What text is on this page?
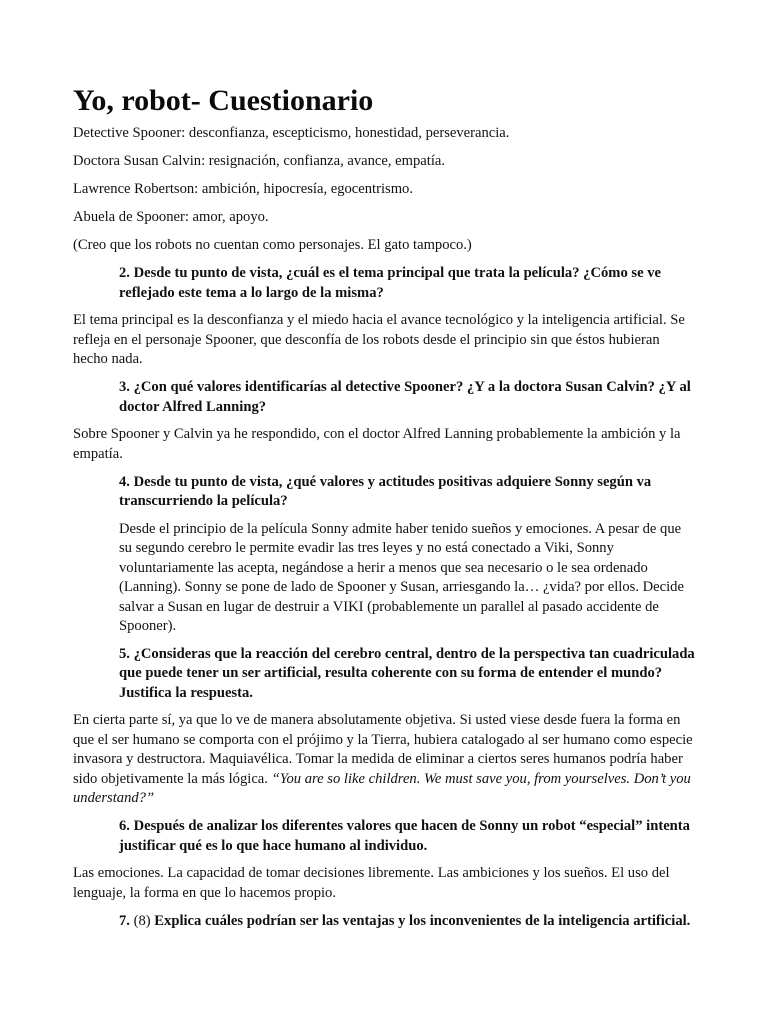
Yo, robot- Cuestionario

Detective Spooner: desconfianza, escepticismo, honestidad, perseverancia.

Doctora Susan Calvin: resignación, confianza, avance, empatía.

Lawrence Robertson: ambición, hipocresía, egocentrismo.

Abuela de Spooner: amor, apoyo.

(Creo que los robots no cuentan como personajes. El gato tampoco.)

2. Desde tu punto de vista, ¿cuál es el tema principal que trata la película? ¿Cómo se ve reflejado este tema a lo largo de la misma?

El tema principal es la desconfianza y el miedo hacia el avance tecnológico y la inteligencia artificial. Se refleja en el personaje Spooner, que desconfía de los robots desde el principio sin que éstos hubieran hecho nada.

3. ¿Con qué valores identificarías al detective Spooner? ¿Y a la doctora Susan Calvin? ¿Y al doctor Alfred Lanning?

Sobre Spooner y Calvin ya he respondido, con el doctor Alfred Lanning probablemente la ambición y la empatía.

4. Desde tu punto de vista, ¿qué valores y actitudes positivas adquiere Sonny según va transcurriendo la película?

Desde el principio de la película Sonny admite haber tenido sueños y emociones. A pesar de que su segundo cerebro le permite evadir las tres leyes y no está conectado a Viki, Sonny voluntariamente las acepta, negándose a herir a menos que sea necesario o le sea ordenado (Lanning). Sonny se pone de lado de Spooner y Susan, arriesgando la… ¿vida? por ellos. Decide salvar a Susan en lugar de destruir a VIKI (probablemente un parallel al pasado accidente de Spooner).

5. ¿Consideras que la reacción del cerebro central, dentro de la perspectiva tan cuadriculada que puede tener un ser artificial, resulta coherente con su forma de entender el mundo? Justifica la respuesta.

En cierta parte sí, ya que lo ve de manera absolutamente objetiva. Si usted viese desde fuera la forma en que el ser humano se comporta con el prójimo y la Tierra, hubiera catalogado al ser humano como especie invasora y destructora. Maquiavélica. Tomar la medida de eliminar a ciertos seres humanos podría haber sido objetivamente la más lógica. “You are so like children. We must save you, from yourselves. Don’t you understand?”

6. Después de analizar los diferentes valores que hacen de Sonny un robot “especial” intenta justificar qué es lo que hace humano al individuo.

Las emociones. La capacidad de tomar decisiones libremente. Las ambiciones y los sueños. El uso del lenguaje, la forma en que lo hacemos propio.

7. (8) Explica cuáles podrían ser las ventajas y los inconvenientes de la inteligencia artificial.
